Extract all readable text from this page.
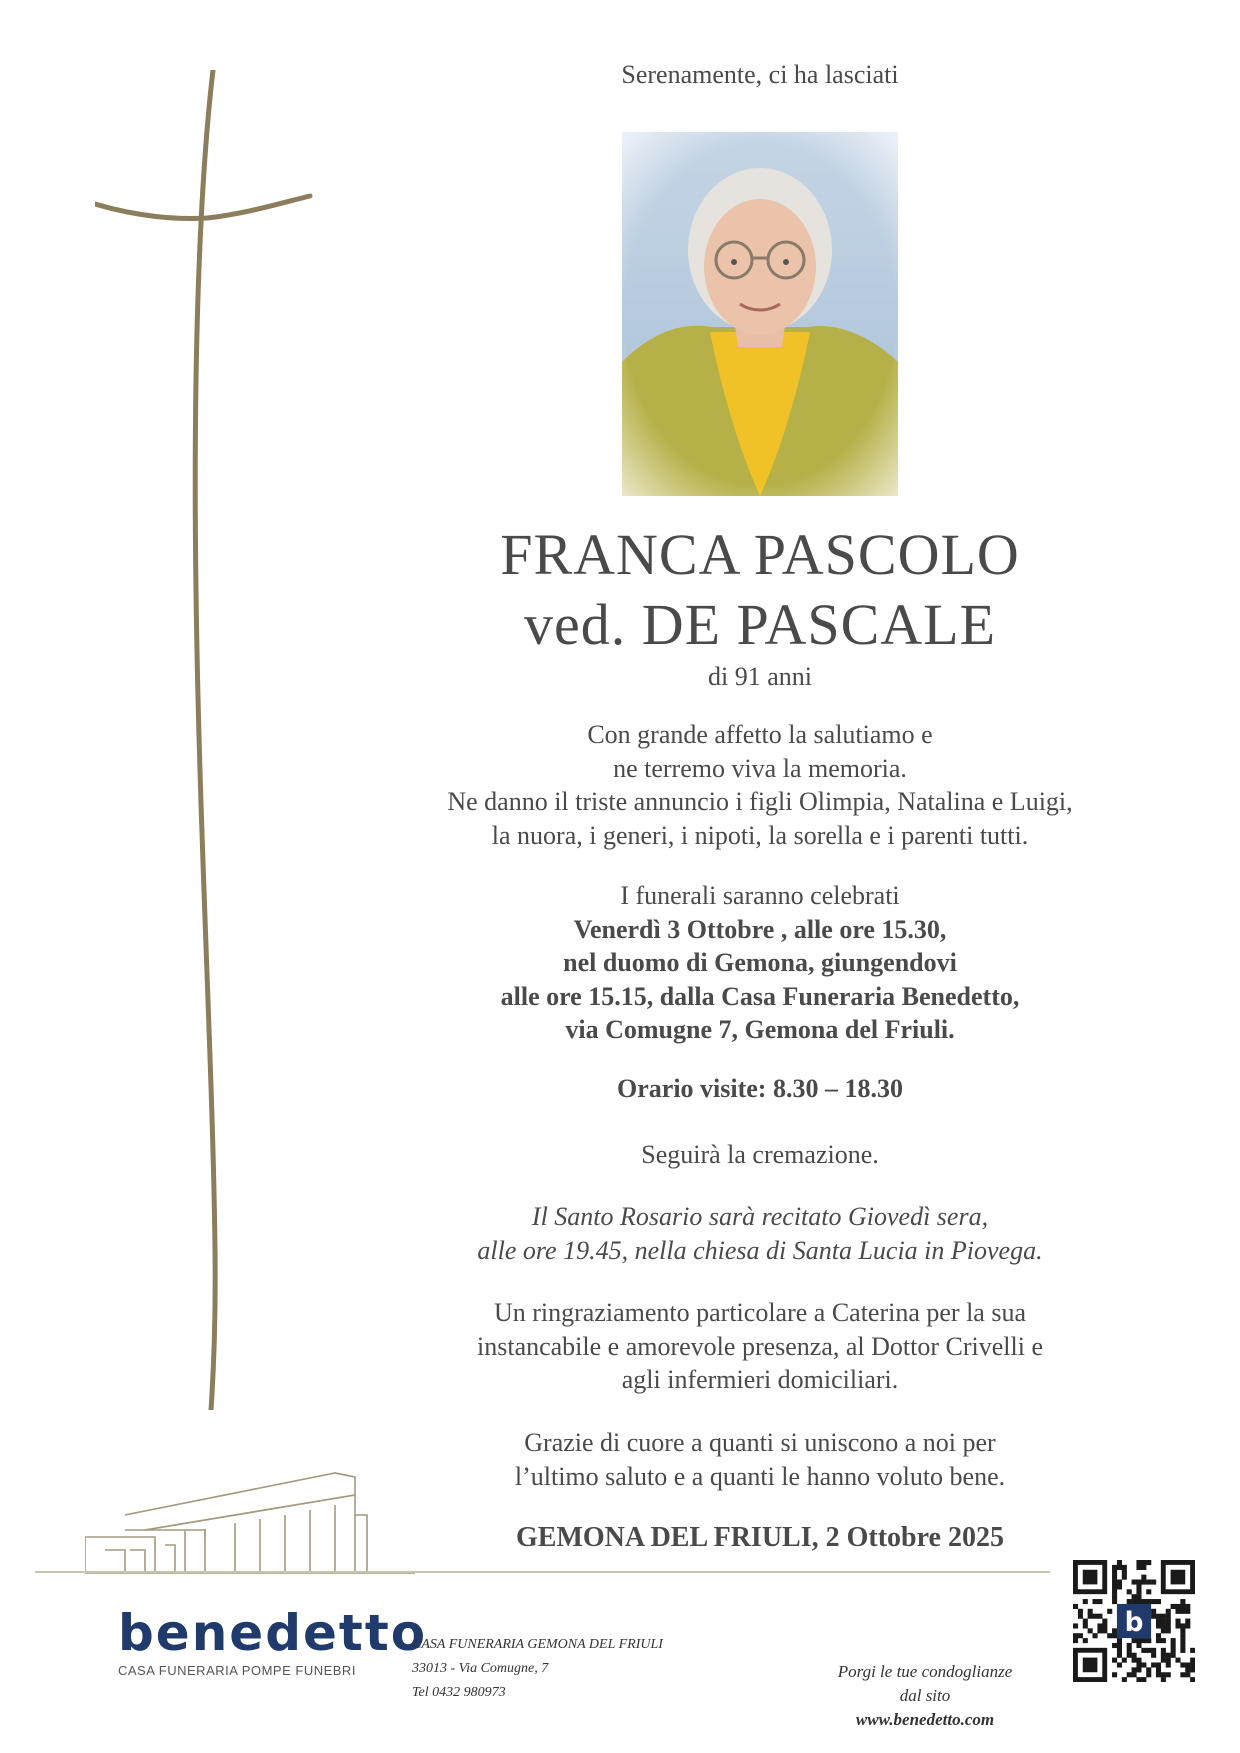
Serenamente, ci ha lasciati
FRANCA PASCOLO
ved. DE PASCALE
di 91 anni
Con grande affetto la salutiamo e
ne terremo viva la memoria.
Ne danno il triste annuncio i figli Olimpia, Natalina e Luigi,
la nuora, i generi, i nipoti, la sorella e i parenti tutti.
I funerali saranno celebrati
Venerdì 3 Ottobre , alle ore 15.30,
nel duomo di Gemona, giungendovi
alle ore 15.15, dalla Casa Funeraria Benedetto,
via Comugne 7, Gemona del Friuli.
Orario visite: 8.30 – 18.30
Seguirà la cremazione.
Il Santo Rosario sarà recitato Giovedì sera,
alle ore 19.45, nella chiesa di Santa Lucia in Piovega.
Un ringraziamento particolare a Caterina per la sua
instancabile e amorevole presenza, al Dottor Crivelli e
agli infermieri domiciliari.
Grazie di cuore a quanti si uniscono a noi per
l’ultimo saluto e a quanti le hanno voluto bene.
GEMONA DEL FRIULI, 2 Ottobre 2025
benedetto
CASA FUNERARIA POMPE FUNEBRI
CASA FUNERARIA GEMONA DEL FRIULI
33013 - Via Comugne, 7
Tel 0432 980973
Porgi le tue condoglianze
dal sito
www.benedetto.com
b
